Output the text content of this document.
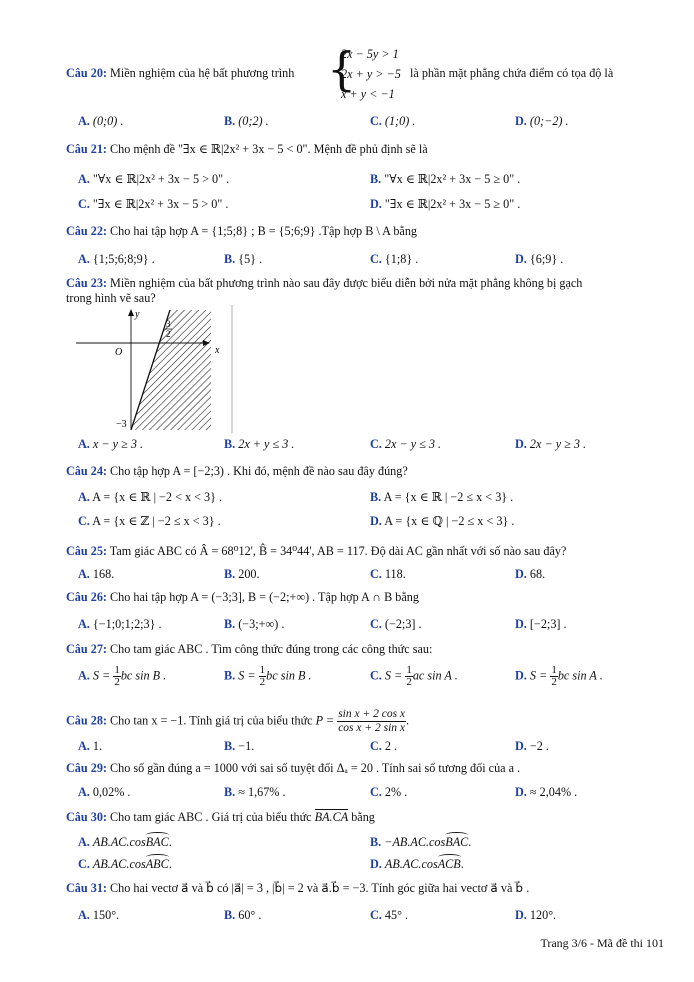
Câu 20: Miền nghiệm của hệ bất phương trình {
2x − 5y > 1
2x + y > −5
x + y < −1
là phần mặt phẳng chứa điểm có tọa độ là
A. (0;0) .	B. (0;2) .	C. (1;0) .	D. (0;−2) .
Câu 21: Cho mệnh đề "∃x ∈ ℝ|2x² + 3x − 5 < 0". Mệnh đề phủ định sẽ là
A. "∀x ∈ ℝ|2x² + 3x − 5 > 0" .	B. "∀x ∈ ℝ|2x² + 3x − 5 ≥ 0" .
C. "∃x ∈ ℝ|2x² + 3x − 5 > 0" .	D. "∃x ∈ ℝ|2x² + 3x − 5 ≥ 0" .
Câu 22: Cho hai tập hợp A = {1;5;8} ; B = {5;6;9} .Tập hợp B \ A bằng
A. {1;5;6;8;9} .	B. {5} .	C. {1;8} .	D. {6;9} .
Câu 23: Miền nghiệm của bất phương trình nào sau đây được biểu diễn bởi nửa mặt phẳng không bị gạch
trong hình vẽ sau?
y
x
O
3
2
−3
A. x − y ≥ 3 .	B. 2x + y ≤ 3 .	C. 2x − y ≤ 3 .	D. 2x − y ≥ 3 .
Câu 24: Cho tập hợp A = [−2;3) . Khi đó, mệnh đề nào sau đây đúng?
A. A = {x ∈ ℝ | −2 < x < 3} .	B. A = {x ∈ ℝ | −2 ≤ x < 3} .
C. A = {x ∈ ℤ | −2 ≤ x < 3} .	D. A = {x ∈ ℚ | −2 ≤ x < 3} .
Câu 25: Tam giác ABC có Â = 68⁰12', B̂ = 34⁰44', AB = 117. Độ dài AC gần nhất với số nào sau đây?
A. 168.	B. 200.	C. 118.	D. 68.
Câu 26: Cho hai tập hợp A = (−3;3], B = (−2;+∞) . Tập hợp A ∩ B bằng
A. {−1;0;1;2;3} .	B. (−3;+∞) .	C. (−2;3] .	D. [−2;3] .
Câu 27: Cho tam giác ABC . Tìm công thức đúng trong các công thức sau:
A. $S = \frac{1}{2}$ bc sin B .	B. $S = \frac{1}{2}$ bc sin B .	C. $S = \frac{1}{2}$ ac sin A .	D. $S = \frac{1}{2}$ bc sin A .
Câu 28: Cho tan x = −1. Tính giá trị của biểu thức $P = \frac{\text{sin x + 2 cos x}}{\text{cos x + 2 sin x}}$ .
A. 1.	B. −1.	C. 2 .	D. −2 .
Câu 29: Cho số gần đúng a = 1000 với sai số tuyệt đối Δₐ = 20 . Tính sai số tương đối của a .
A. 0,02% .	B. ≈ 1,67% .	C. 2% .	D. ≈ 2,04% .
Câu 30: Cho tam giác ABC . Giá trị của biểu thức BA.CA bằng
A. AB.AC.cosBAC.	B. −AB.AC.cosBAC.
C. AB.AC.cosABC.	D. AB.AC.cosACB.
Câu 31: Cho hai vectơ a⃗ và b⃗ có |a⃗| = 3 , |b⃗| = 2 và a⃗.b⃗ = −3. Tính góc giữa hai vectơ a⃗ và b⃗ .
A. 150°.	B. 60° .	C. 45° .	D. 120°.
Trang 3/6 - Mã đề thi 101
